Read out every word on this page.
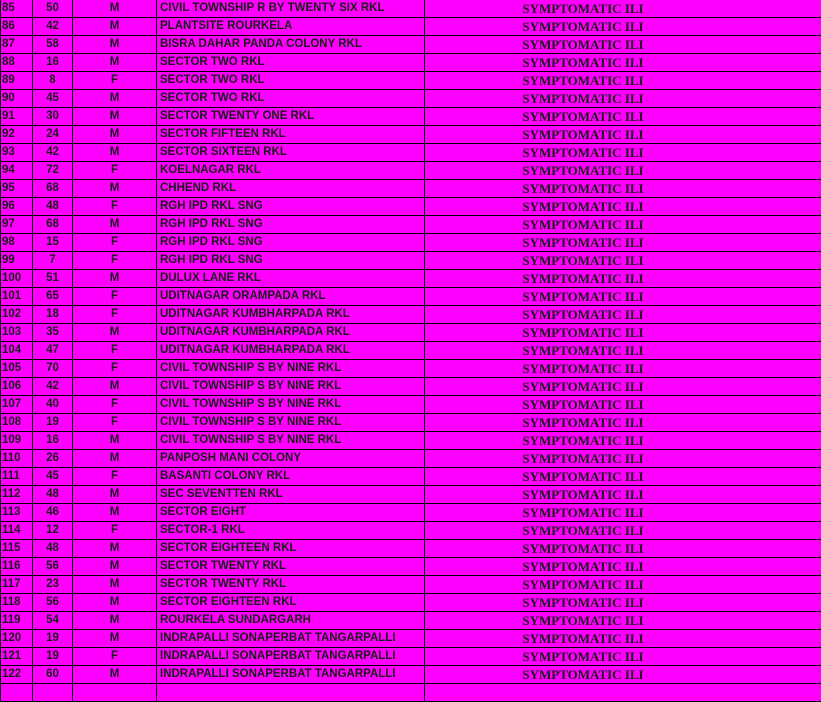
85	50	M	CIVIL TOWNSHIP R BY TWENTY SIX RKL	SYMPTOMATIC ILI
86	42	M	PLANTSITE ROURKELA	SYMPTOMATIC ILI
87	58	M	BISRA DAHAR PANDA COLONY RKL	SYMPTOMATIC ILI
88	16	M	SECTOR TWO RKL	SYMPTOMATIC ILI
89	8	F	SECTOR TWO RKL	SYMPTOMATIC ILI
90	45	M	SECTOR TWO RKL	SYMPTOMATIC ILI
91	30	M	SECTOR TWENTY ONE RKL	SYMPTOMATIC ILI
92	24	M	SECTOR FIFTEEN RKL	SYMPTOMATIC ILI
93	42	M	SECTOR SIXTEEN RKL	SYMPTOMATIC ILI
94	72	F	KOELNAGAR RKL	SYMPTOMATIC ILI
95	68	M	CHHEND RKL	SYMPTOMATIC ILI
96	48	F	RGH IPD RKL SNG	SYMPTOMATIC ILI
97	68	M	RGH IPD RKL SNG	SYMPTOMATIC ILI
98	15	F	RGH IPD RKL SNG	SYMPTOMATIC ILI
99	7	F	RGH IPD RKL SNG	SYMPTOMATIC ILI
100	51	M	DULUX LANE RKL	SYMPTOMATIC ILI
101	65	F	UDITNAGAR ORAMPADA RKL	SYMPTOMATIC ILI
102	18	F	UDITNAGAR KUMBHARPADA RKL	SYMPTOMATIC ILI
103	35	M	UDITNAGAR KUMBHARPADA RKL	SYMPTOMATIC ILI
104	47	F	UDITNAGAR KUMBHARPADA RKL	SYMPTOMATIC ILI
105	70	F	CIVIL TOWNSHIP S BY NINE RKL	SYMPTOMATIC ILI
106	42	M	CIVIL TOWNSHIP S BY NINE RKL	SYMPTOMATIC ILI
107	40	F	CIVIL TOWNSHIP S BY NINE RKL	SYMPTOMATIC ILI
108	19	F	CIVIL TOWNSHIP S BY NINE RKL	SYMPTOMATIC ILI
109	16	M	CIVIL TOWNSHIP S BY NINE RKL	SYMPTOMATIC ILI
110	26	M	PANPOSH MANI COLONY	SYMPTOMATIC ILI
111	45	F	BASANTI COLONY RKL	SYMPTOMATIC ILI
112	48	M	SEC SEVENTTEN RKL	SYMPTOMATIC ILI
113	46	M	SECTOR EIGHT	SYMPTOMATIC ILI
114	12	F	SECTOR-1 RKL	SYMPTOMATIC ILI
115	48	M	SECTOR EIGHTEEN RKL	SYMPTOMATIC ILI
116	56	M	SECTOR TWENTY RKL	SYMPTOMATIC ILI
117	23	M	SECTOR TWENTY RKL	SYMPTOMATIC ILI
118	56	M	SECTOR EIGHTEEN RKL	SYMPTOMATIC ILI
119	54	M	ROURKELA SUNDARGARH	SYMPTOMATIC ILI
120	19	M	INDRAPALLI SONAPERBAT TANGARPALLI	SYMPTOMATIC ILI
121	19	F	INDRAPALLI SONAPERBAT TANGARPALLI	SYMPTOMATIC ILI
122	60	M	INDRAPALLI SONAPERBAT TANGARPALLI	SYMPTOMATIC ILI
